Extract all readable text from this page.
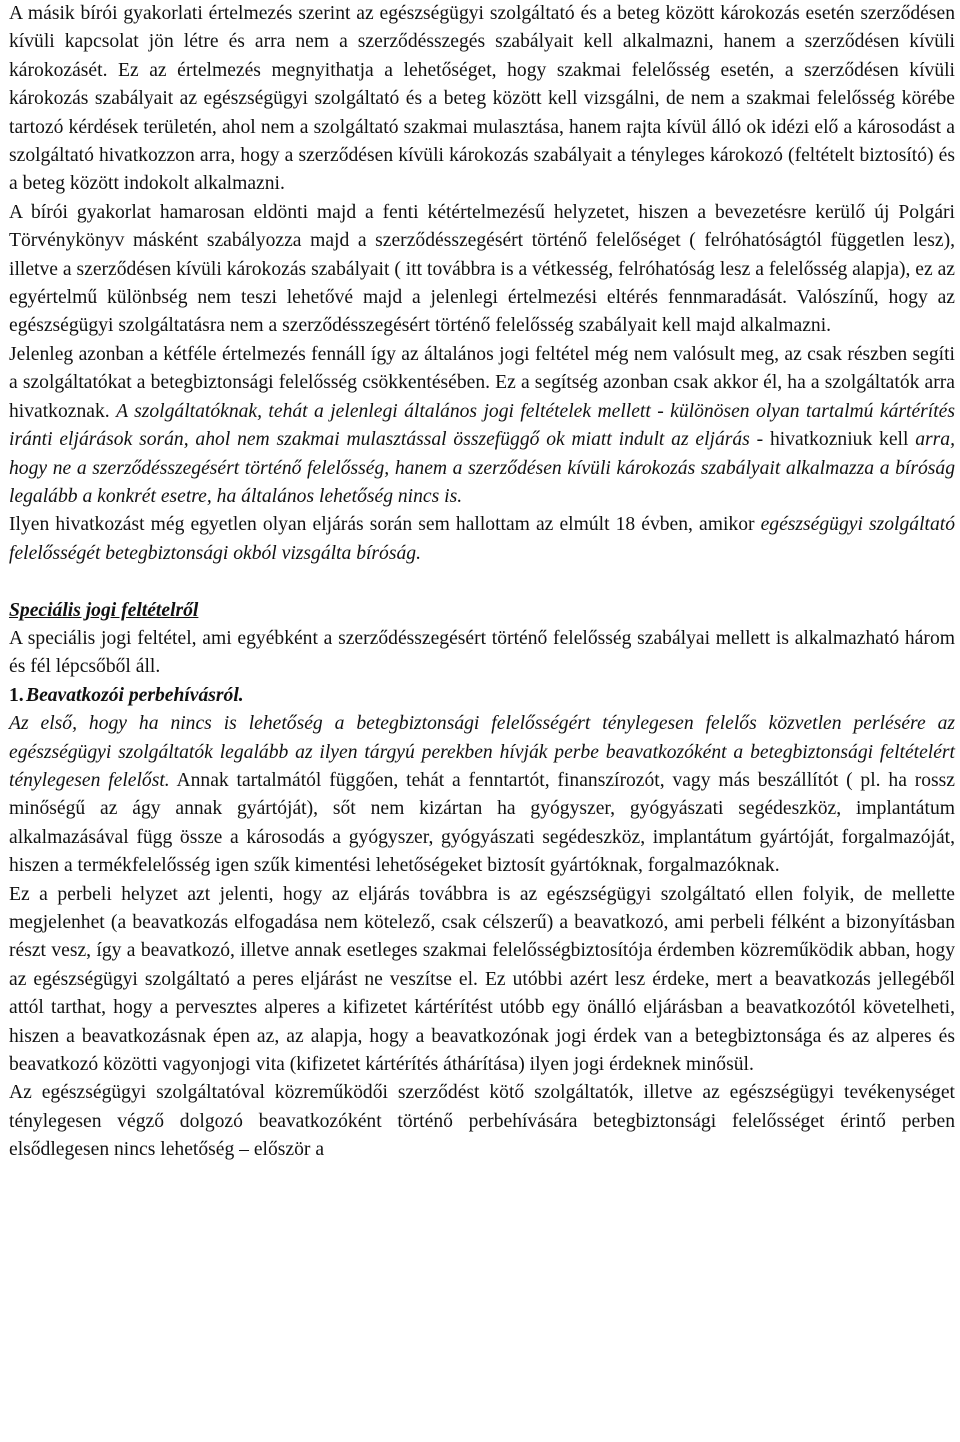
A másik bírói gyakorlati értelmezés szerint az egészségügyi szolgáltató és a beteg között károkozás esetén szerződésen kívüli kapcsolat jön létre és arra nem a szerződésszegés szabályait kell alkalmazni, hanem a szerződésen kívüli károkozásét. Ez az értelmezés megnyithatja a lehetőséget, hogy szakmai felelősség esetén, a szerződésen kívüli károkozás szabályait az egészségügyi szolgáltató és a beteg között kell vizsgálni, de nem a szakmai felelősség körébe tartozó kérdések területén, ahol nem a szolgáltató szakmai mulasztása, hanem rajta kívül álló ok idézi elő a károsodást a szolgáltató hivatkozzon arra, hogy a szerződésen kívüli károkozás szabályait a tényleges károkozó (feltételt biztosító) és a beteg között indokolt alkalmazni.

A bírói gyakorlat hamarosan eldönti majd a fenti kétértelmezésű helyzetet, hiszen a bevezetésre kerülő új Polgári Törvénykönyv másként szabályozza majd a szerződésszegésért történő felelőséget ( felróhatóságtól független lesz), illetve a szerződésen kívüli károkozás szabályait ( itt továbbra is a vétkesség, felróhatóság lesz a felelősség alapja), ez az egyértelmű különbség nem teszi lehetővé majd a jelenlegi értelmezési eltérés fennmaradását. Valószínű, hogy az egészségügyi szolgáltatásra nem a szerződésszegésért történő felelősség szabályait kell majd alkalmazni.

Jelenleg azonban a kétféle értelmezés fennáll így az általános jogi feltétel még nem valósult meg, az csak részben segíti a szolgáltatókat a betegbiztonsági felelősség csökkentésében. Ez a segítség azonban csak akkor él, ha a szolgáltatók arra hivatkoznak. A szolgáltatóknak, tehát a jelenlegi általános jogi feltételek mellett - különösen olyan tartalmú kártérítés iránti eljárások során, ahol nem szakmai mulasztással összefüggő ok miatt indult az eljárás - hivatkozniuk kell arra, hogy ne a szerződésszegésért történő felelősség, hanem a szerződésen kívüli károkozás szabályait alkalmazza a bíróság legalább a konkrét esetre, ha általános lehetőség nincs is.

Ilyen hivatkozást még egyetlen olyan eljárás során sem hallottam az elmúlt 18 évben, amikor egészségügyi szolgáltató felelősségét betegbiztonsági okból vizsgálta bíróság.

Speciális jogi feltételről

A speciális jogi feltétel, ami egyébként a szerződésszegésért történő felelősség szabályai mellett is alkalmazható három és fél lépcsőből áll.

1. Beavatkozói perbehívásról.

Az első, hogy ha nincs is lehetőség a betegbiztonsági felelősségért ténylegesen felelős közvetlen perlésére az egészségügyi szolgáltatók legalább az ilyen tárgyú perekben hívják perbe beavatkozóként a betegbiztonsági feltételért ténylegesen felelőst. Annak tartalmától függően, tehát a fenntartót, finanszírozót, vagy más beszállítót ( pl. ha rossz minőségű az ágy annak gyártóját), sőt nem kizártan ha gyógyszer, gyógyászati segédeszköz, implantátum alkalmazásával függ össze a károsodás a gyógyszer, gyógyászati segédeszköz, implantátum gyártóját, forgalmazóját, hiszen a termékfelelősség igen szűk kimentési lehetőségeket biztosít gyártóknak, forgalmazóknak.

Ez a perbeli helyzet azt jelenti, hogy az eljárás továbbra is az egészségügyi szolgáltató ellen folyik, de mellette megjelenhet (a beavatkozás elfogadása nem kötelező, csak célszerű) a beavatkozó, ami perbeli félként a bizonyításban részt vesz, így a beavatkozó, illetve annak esetleges szakmai felelősségbiztosítója érdemben közreműködik abban, hogy az egészségügyi szolgáltató a peres eljárást ne veszítse el. Ez utóbbi azért lesz érdeke, mert a beavatkozás jellegéből attól tarthat, hogy a pervesztes alperes a kifizetet kártérítést utóbb egy önálló eljárásban a beavatkozótól követelheti, hiszen a beavatkozásnak épen az, az alapja, hogy a beavatkozónak jogi érdek van a betegbiztonsága és az alperes és beavatkozó közötti vagyonjogi vita (kifizetet kártérítés áthárítása) ilyen jogi érdeknek minősül.

Az egészségügyi szolgáltatóval közreműködői szerződést kötő szolgáltatók, illetve az egészségügyi tevékenységet ténylegesen végző dolgozó beavatkozóként történő perbehívására betegbiztonsági felelősséget érintő perben elsődlegesen nincs lehetőség – először a
